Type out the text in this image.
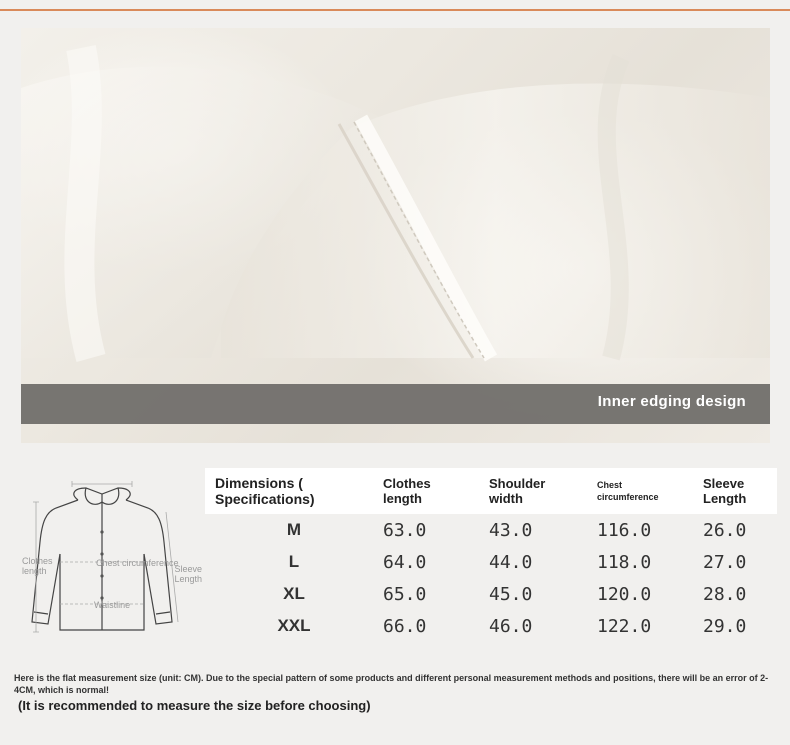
Inner edging design
Clothes length
Chest circumference
Sleeve Length
Waistline
Dimensions ( Specifications)	Clothes length	Shoulder width	Chest circumference	Sleeve Length

M	63.0	43.0	116.0	26.0
L	64.0	44.0	118.0	27.0
XL	65.0	45.0	120.0	28.0
XXL	66.0	46.0	122.0	29.0
Here is the flat measurement size (unit: CM). Due to the special pattern of some products and different personal measurement methods and positions, there will be an error of 2-4CM, which is normal!
(It is recommended to measure the size before choosing)
